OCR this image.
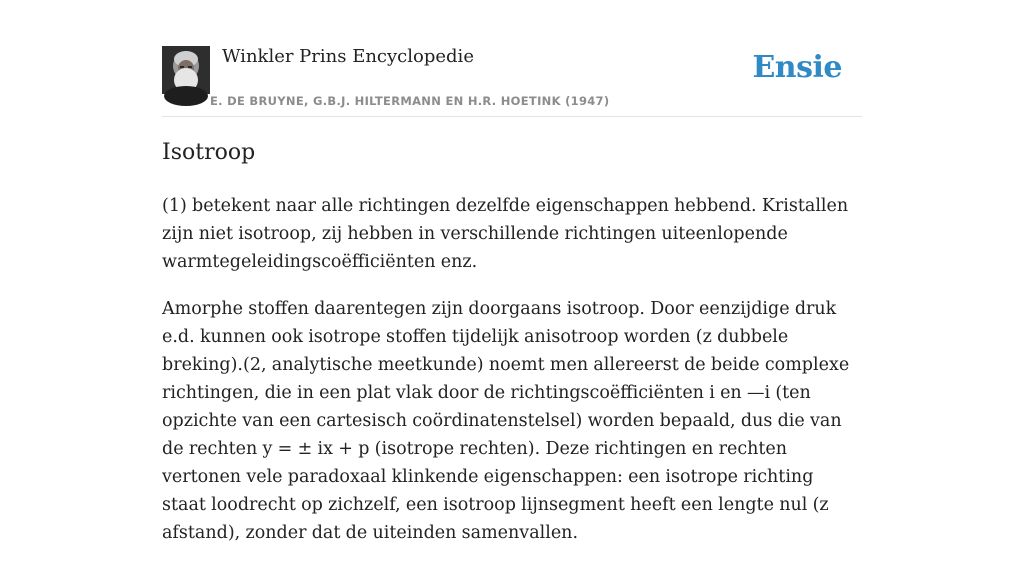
Winkler Prins Encyclopedie
E. DE BRUYNE, G.B.J. HILTERMANN EN H.R. HOETINK (1947)
Ensie
Isotroop

(1) betekent naar alle richtingen dezelfde eigenschappen hebbend. Kristallen zijn niet isotroop, zij hebben in verschillende richtingen uiteenlopende warmtegeleidingscoëfficiënten enz.

Amorphe stoffen daarentegen zijn doorgaans isotroop. Door eenzijdige druk e.d. kunnen ook isotrope stoffen tijdelijk anisotroop worden (z dubbele breking).(2, analytische meetkunde) noemt men allereerst de beide complexe richtingen, die in een plat vlak door de richtingscoëfficiënten i en —i (ten opzichte van een cartesisch coördinatenstelsel) worden bepaald, dus die van de rechten y = ± ix + p (isotrope rechten). Deze richtingen en rechten vertonen vele paradoxaal klinkende eigenschappen: een isotrope richting staat loodrecht op zichzelf, een isotroop lijnsegment heeft een lengte nul (z afstand), zonder dat de uiteinden samenvallen.
